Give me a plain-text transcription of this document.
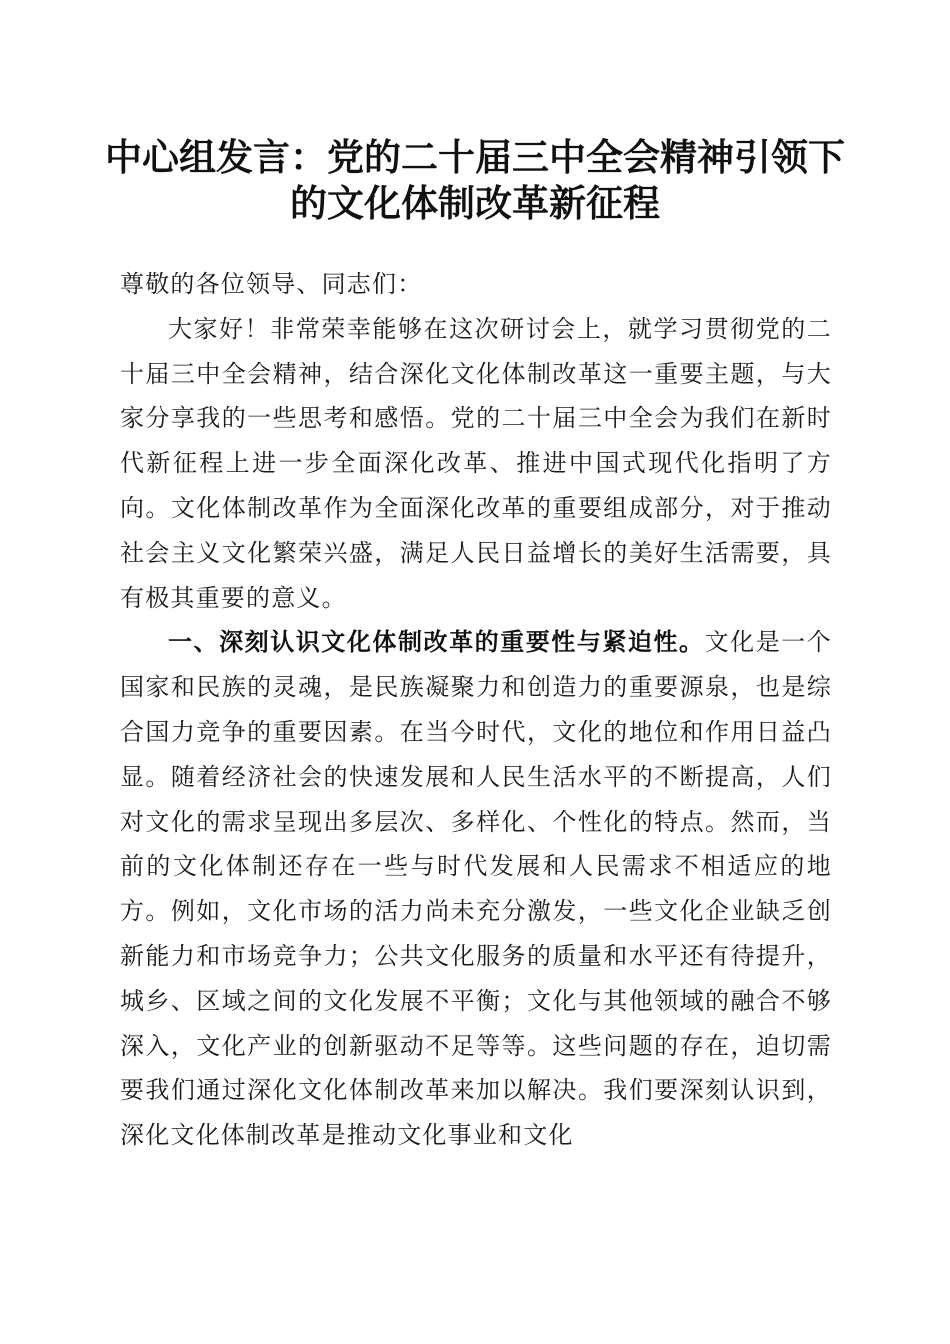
中心组发言：党的二十届三中全会精神引领下
的文化体制改革新征程

尊敬的各位领导、同志们：

大家好！非常荣幸能够在这次研讨会上，就学习贯彻党的二十届三中全会精神，结合深化文化体制改革这一重要主题，与大家分享我的一些思考和感悟。党的二十届三中全会为我们在新时代新征程上进一步全面深化改革、推进中国式现代化指明了方向。文化体制改革作为全面深化改革的重要组成部分，对于推动社会主义文化繁荣兴盛，满足人民日益增长的美好生活需要，具有极其重要的意义。

一、深刻认识文化体制改革的重要性与紧迫性。文化是一个国家和民族的灵魂，是民族凝聚力和创造力的重要源泉，也是综合国力竞争的重要因素。在当今时代，文化的地位和作用日益凸显。随着经济社会的快速发展和人民生活水平的不断提高，人们对文化的需求呈现出多层次、多样化、个性化的特点。然而，当前的文化体制还存在一些与时代发展和人民需求不相适应的地方。例如，文化市场的活力尚未充分激发，一些文化企业缺乏创新能力和市场竞争力；公共文化服务的质量和水平还有待提升，城乡、区域之间的文化发展不平衡；文化与其他领域的融合不够深入，文化产业的创新驱动不足等等。这些问题的存在，迫切需要我们通过深化文化体制改革来加以解决。我们要深刻认识到，深化文化体制改革是推动文化事业和文化
